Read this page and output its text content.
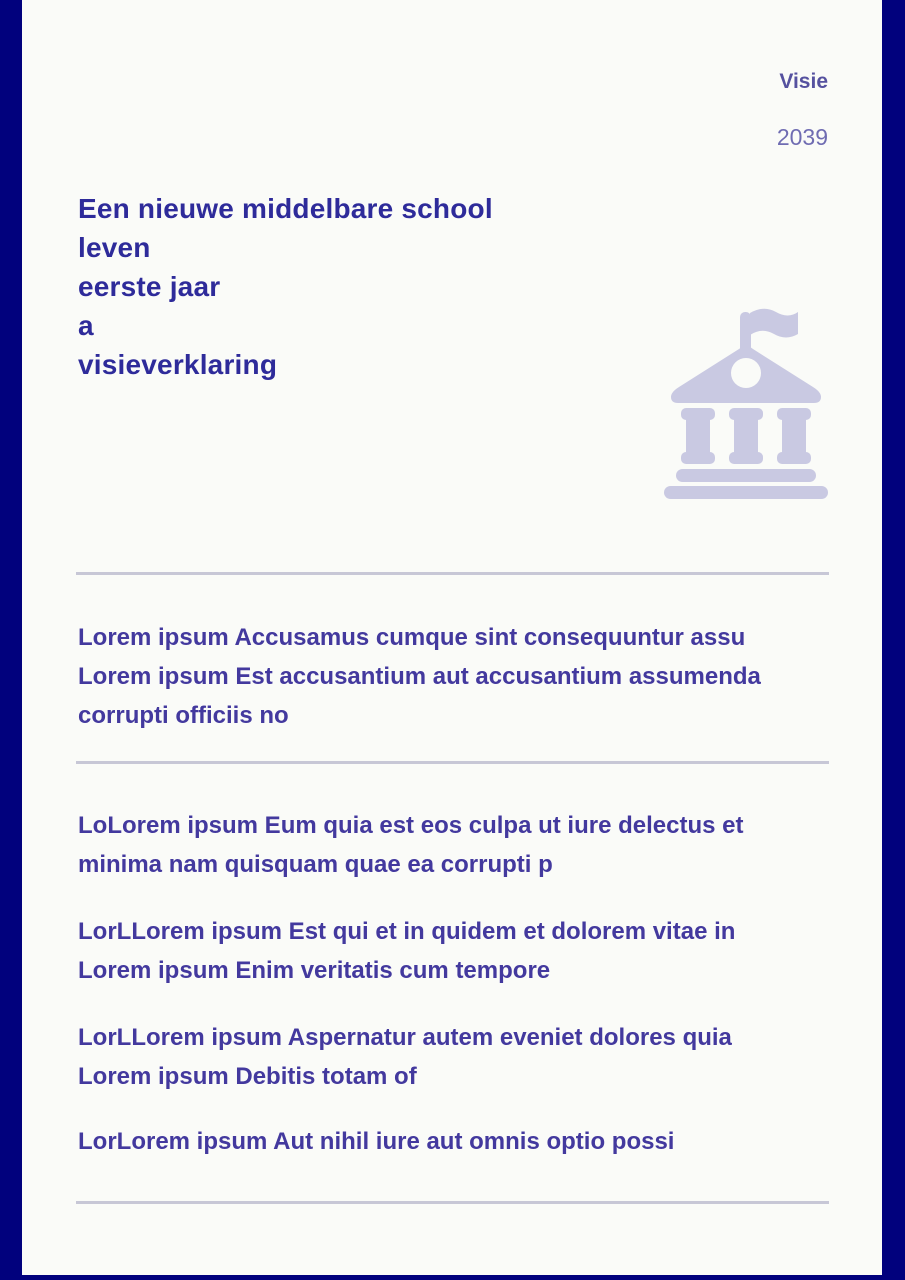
Visie
2039
Een nieuwe middelbare school
leven
eerste jaar
a
visieverklaring

Lorem ipsum Accusamus cumque sint consequuntur assu
Lorem ipsum Est accusantium aut accusantium assumenda
corrupti officiis no

LoLorem ipsum Eum quia est eos culpa ut iure delectus et
minima nam quisquam quae ea corrupti p

LorLLorem ipsum Est qui et in quidem et dolorem vitae in
Lorem ipsum Enim veritatis cum tempore

LorLLorem ipsum Aspernatur autem eveniet dolores quia
Lorem ipsum Debitis totam of

LorLorem ipsum Aut nihil iure aut omnis optio possi
